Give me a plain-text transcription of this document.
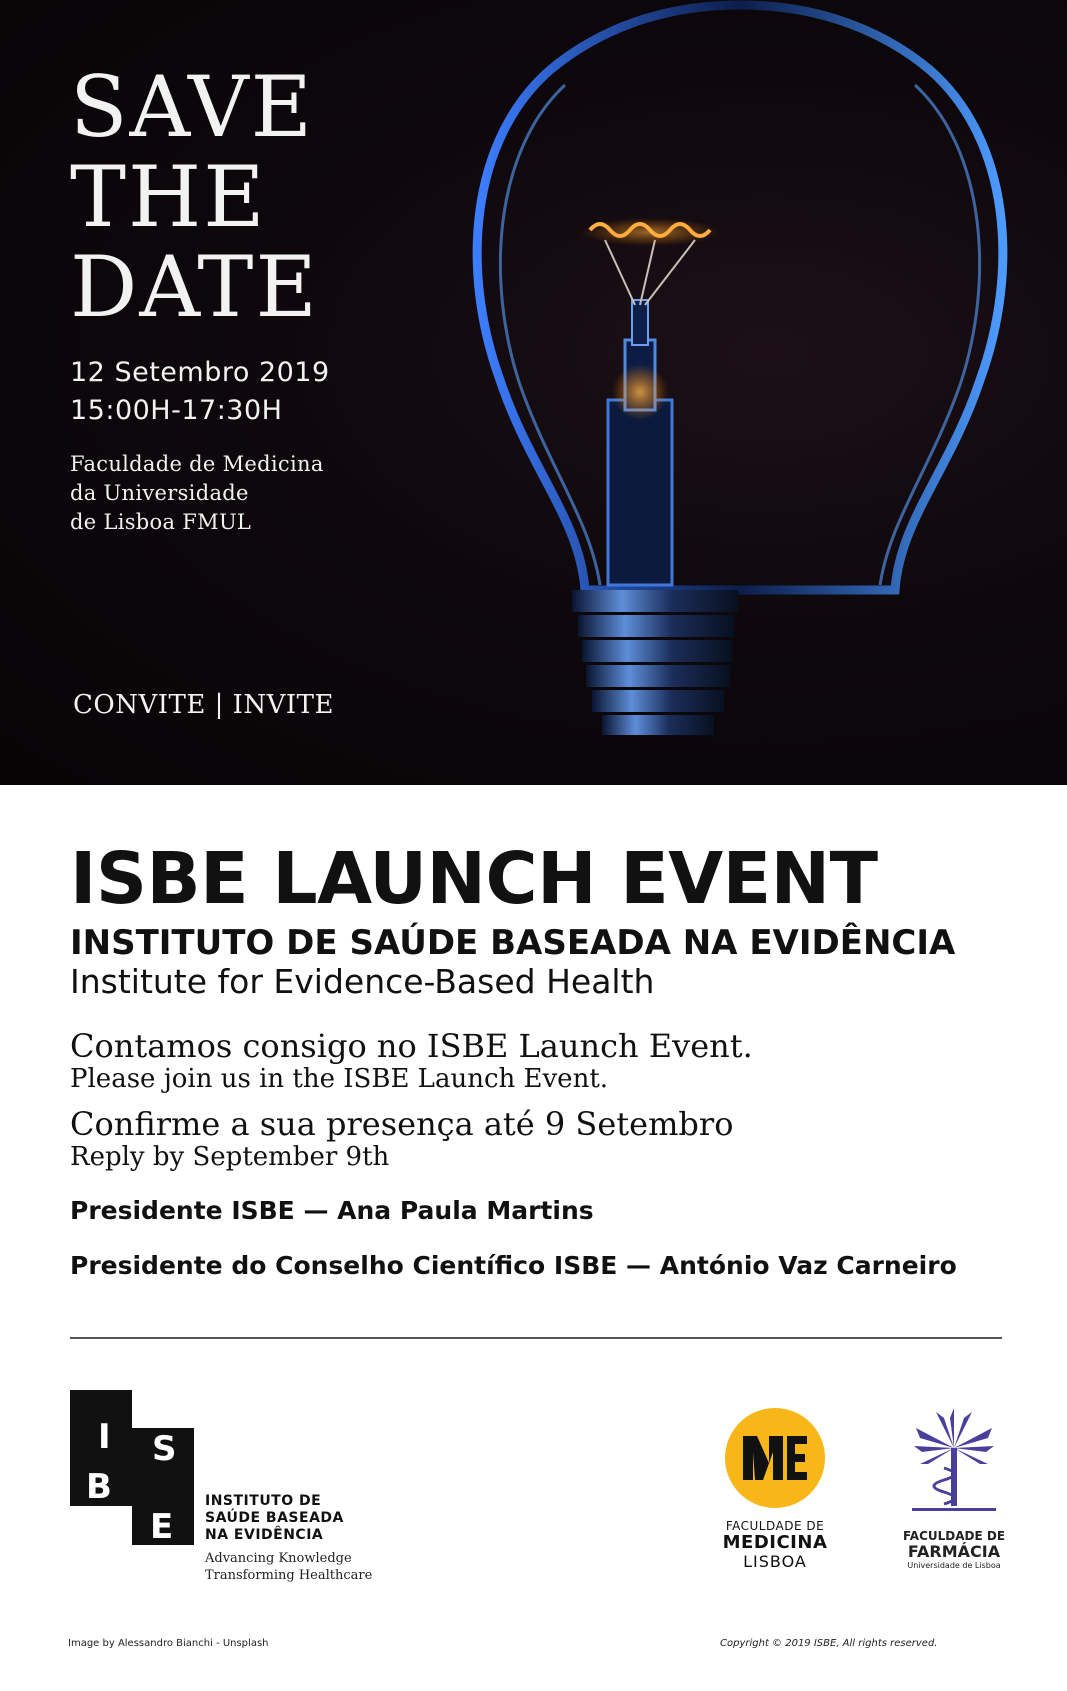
SAVE
THE
DATE
12 Setembro 2019
15:00H-17:30H
Faculdade de Medicina
da Universidade
de Lisboa FMUL
CONVITE | INVITE
ISBE LAUNCH EVENT
INSTITUTO DE SAÚDE BASEADA NA EVIDÊNCIA
Institute for Evidence-Based Health
Contamos consigo no ISBE Launch Event.
Please join us in the ISBE Launch Event.
Confirme a sua presença até 9 Setembro
Reply by September 9th
Presidente ISBE — Ana Paula Martins
Presidente do Conselho Científico ISBE — António Vaz Carneiro
I S
B
E
INSTITUTO DE
SAÚDE BASEADA
NA EVIDÊNCIA
Advancing Knowledge
Transforming Healthcare
FACULDADE DE
MEDICINA
LISBOA
FACULDADE DE
FARMÁCIA
Universidade de Lisboa
Image by Alessandro Bianchi - Unsplash	Copyright © 2019 ISBE, All rights reserved.
